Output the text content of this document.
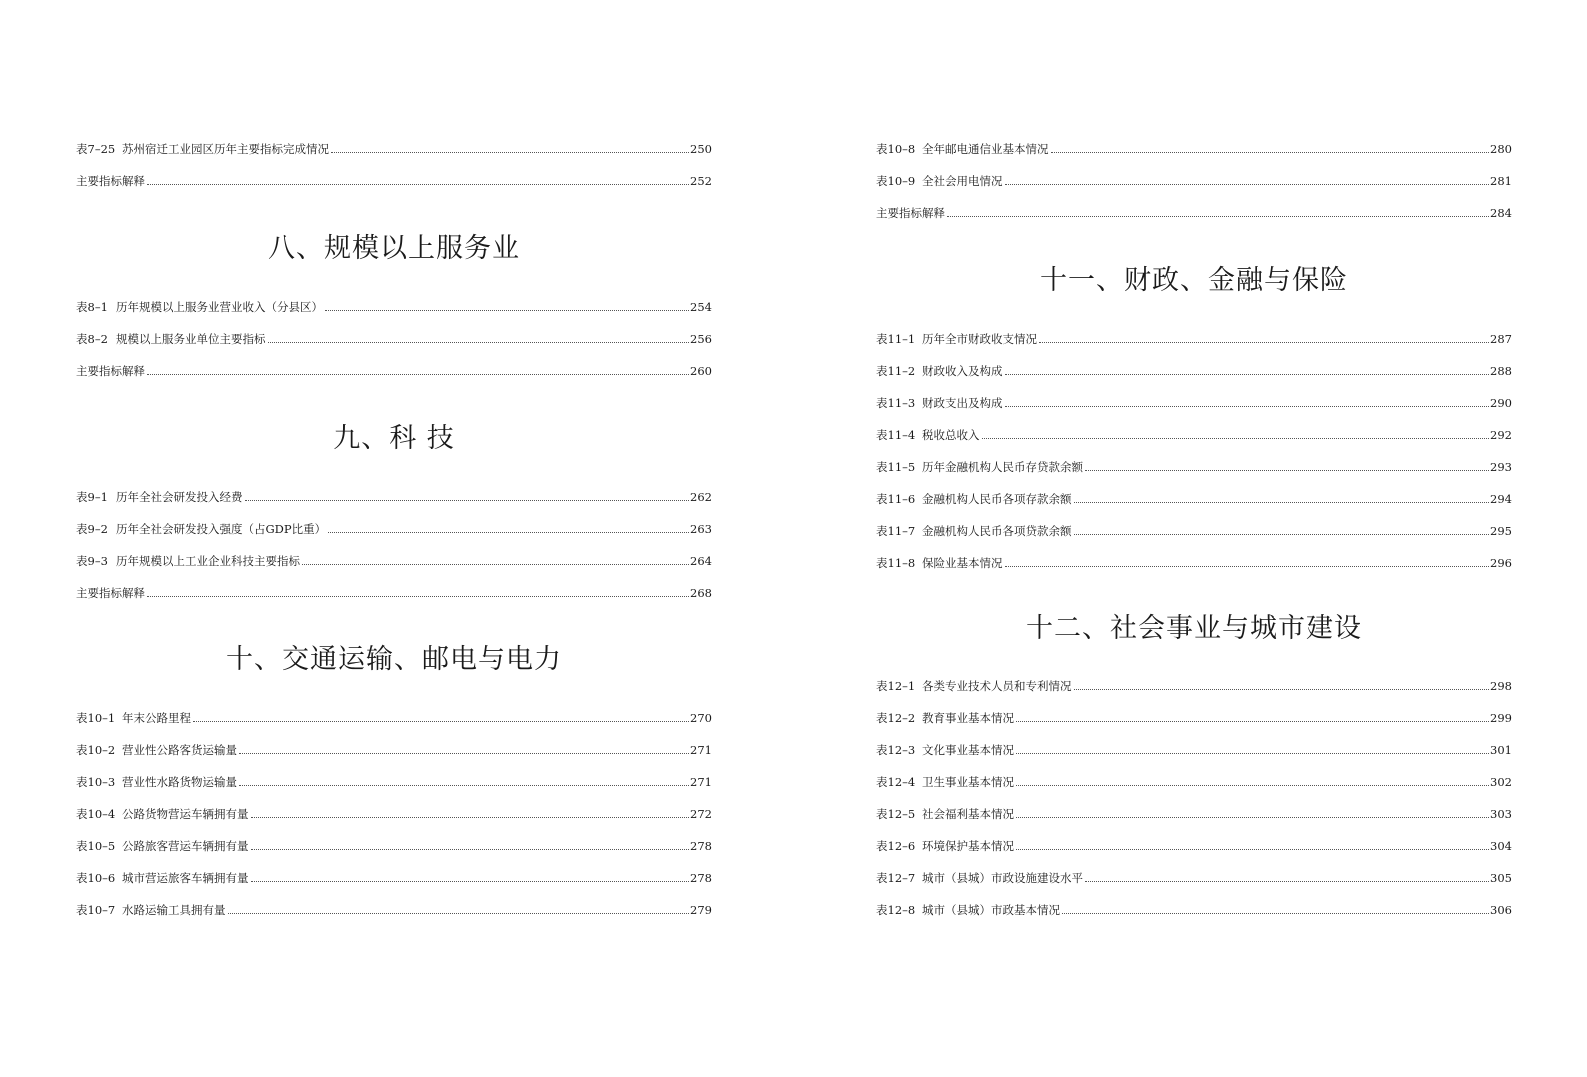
表7–25 苏州宿迁工业园区历年主要指标完成情况	250
主要指标解释	252
八、规模以上服务业
表8–1 历年规模以上服务业营业收入（分县区）	254
表8–2 规模以上服务业单位主要指标	256
主要指标解释	260
九、科 技
表9–1 历年全社会研发投入经费	262
表9–2 历年全社会研发投入强度（占GDP比重）	263
表9–3 历年规模以上工业企业科技主要指标	264
主要指标解释	268
十、交通运输、邮电与电力
表10–1 年末公路里程	270
表10–2 营业性公路客货运输量	271
表10–3 营业性水路货物运输量	271
表10–4 公路货物营运车辆拥有量	272
表10–5 公路旅客营运车辆拥有量	278
表10–6 城市营运旅客车辆拥有量	278
表10–7 水路运输工具拥有量	279
表10–8 全年邮电通信业基本情况	280
表10–9 全社会用电情况	281
主要指标解释	284
十一、财政、金融与保险
表11–1 历年全市财政收支情况	287
表11–2 财政收入及构成	288
表11–3 财政支出及构成	290
表11–4 税收总收入	292
表11–5 历年金融机构人民币存贷款余额	293
表11–6 金融机构人民币各项存款余额	294
表11–7 金融机构人民币各项贷款余额	295
表11–8 保险业基本情况	296
十二、社会事业与城市建设
表12–1 各类专业技术人员和专利情况	298
表12–2 教育事业基本情况	299
表12–3 文化事业基本情况	301
表12–4 卫生事业基本情况	302
表12–5 社会福利基本情况	303
表12–6 环境保护基本情况	304
表12–7 城市（县城）市政设施建设水平	305
表12–8 城市（县城）市政基本情况	306
